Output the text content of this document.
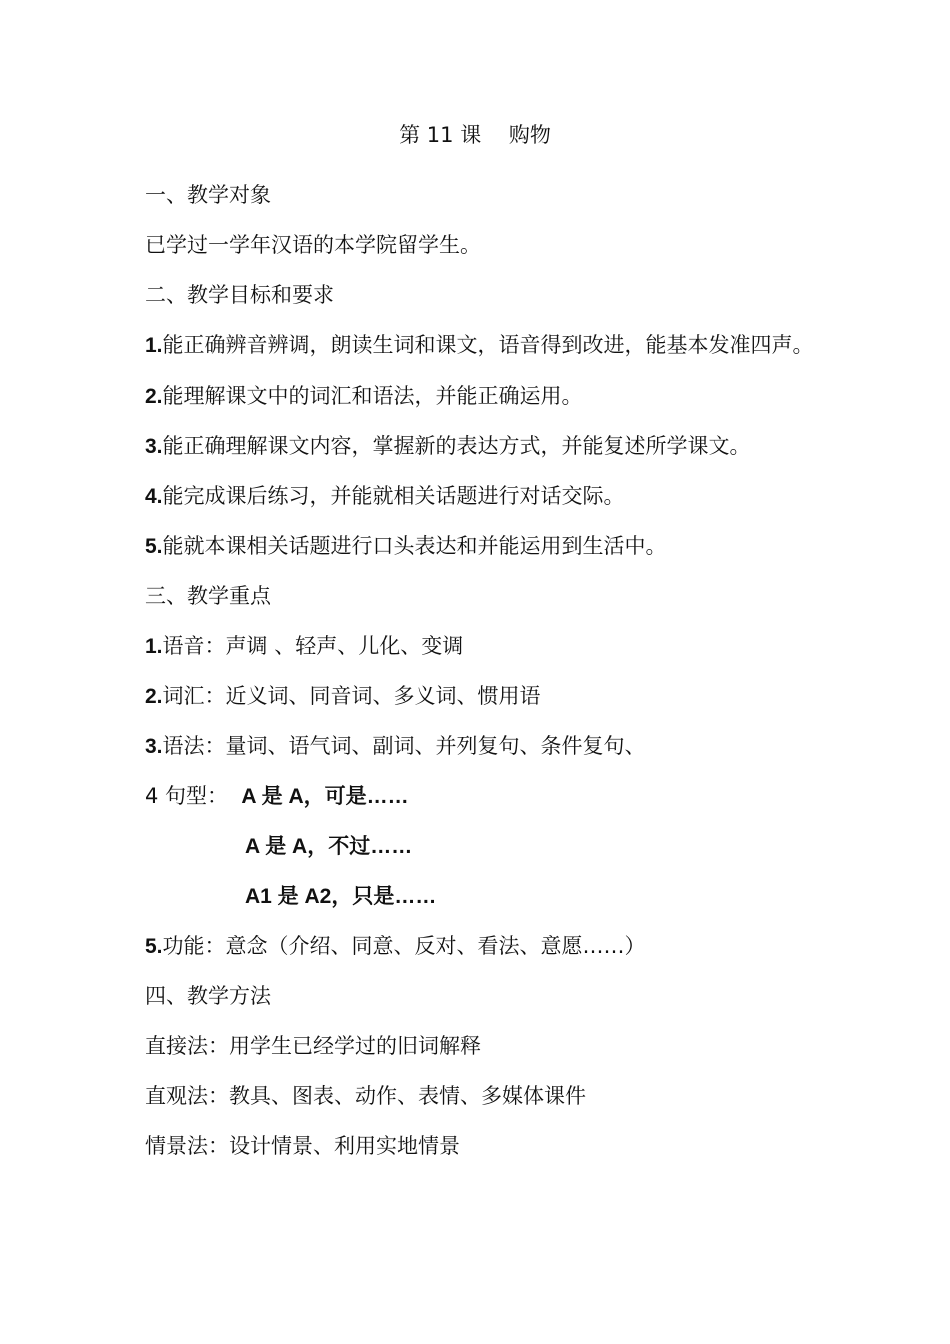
第 11 课　 购物
一、教学对象
已学过一学年汉语的本学院留学生。
二、教学目标和要求
1.能正确辨音辨调，朗读生词和课文，语音得到改进，能基本发准四声。
2.能理解课文中的词汇和语法，并能正确运用。
3.能正确理解课文内容，掌握新的表达方式，并能复述所学课文。
4.能完成课后练习，并能就相关话题进行对话交际。
5.能就本课相关话题进行口头表达和并能运用到生活中。
三、教学重点
1.语音：声调 、轻声、儿化、变调
2.词汇：近义词、同音词、多义词、惯用语
3.语法：量词、语气词、副词、并列复句、条件复句、
4 句型： A 是 A，可是……
A 是 A，不过……
A1 是 A2，只是……
5.功能：意念（介绍、同意、反对、看法、意愿……）
四、教学方法
直接法：用学生已经学过的旧词解释
直观法：教具、图表、动作、表情、多媒体课件
情景法：设计情景、利用实地情景
